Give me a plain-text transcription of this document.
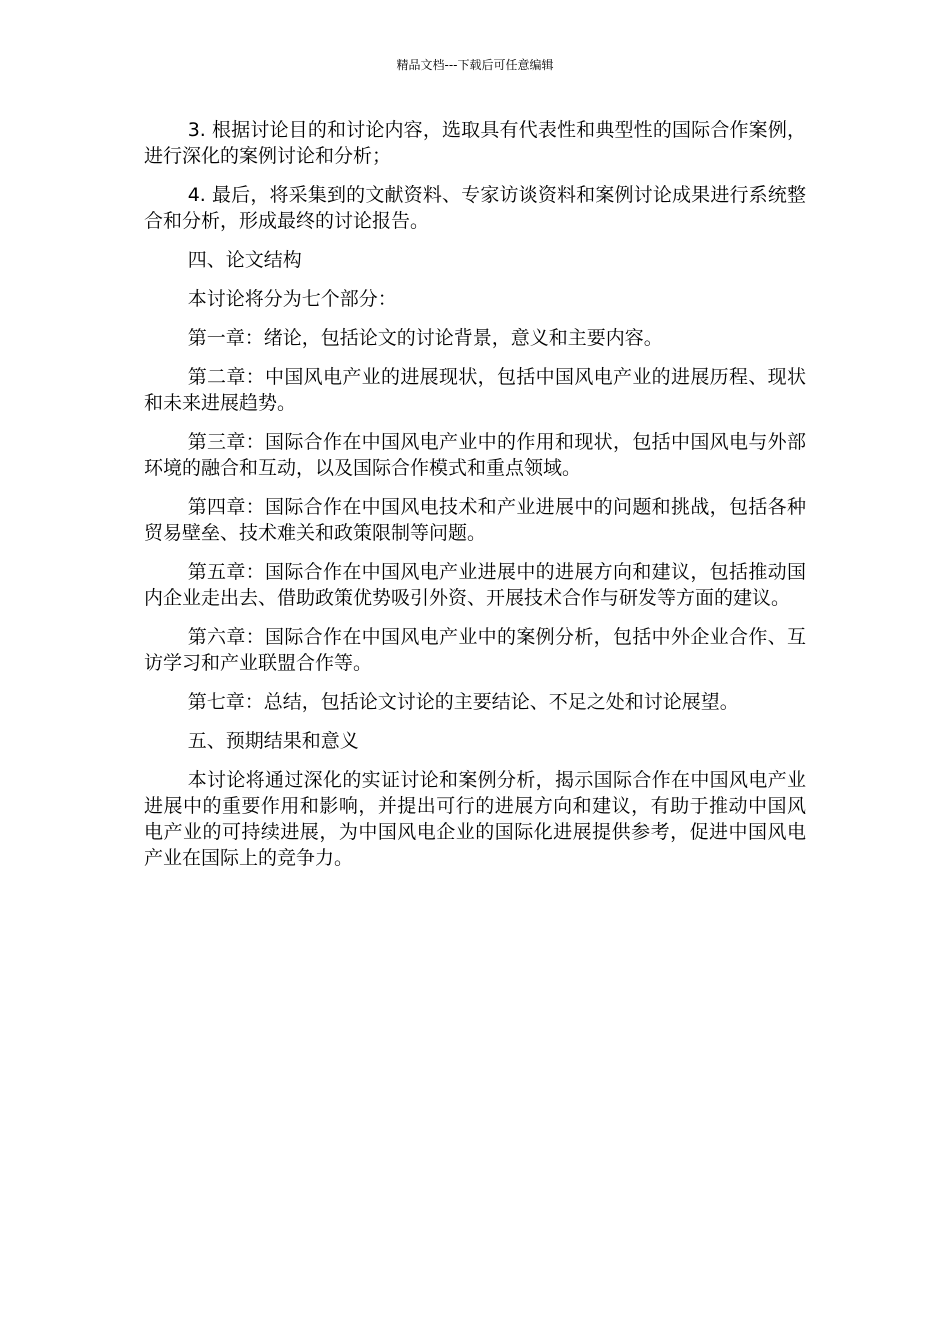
精品文档---下载后可任意编辑

3. 根据讨论目的和讨论内容，选取具有代表性和典型性的国际合作案例，进行深化的案例讨论和分析；

4. 最后，将采集到的文献资料、专家访谈资料和案例讨论成果进行系统整合和分析，形成最终的讨论报告。

四、论文结构

本讨论将分为七个部分：

第一章：绪论，包括论文的讨论背景，意义和主要内容。

第二章：中国风电产业的进展现状，包括中国风电产业的进展历程、现状和未来进展趋势。

第三章：国际合作在中国风电产业中的作用和现状，包括中国风电与外部环境的融合和互动，以及国际合作模式和重点领域。

第四章：国际合作在中国风电技术和产业进展中的问题和挑战，包括各种贸易壁垒、技术难关和政策限制等问题。

第五章：国际合作在中国风电产业进展中的进展方向和建议，包括推动国内企业走出去、借助政策优势吸引外资、开展技术合作与研发等方面的建议。

第六章：国际合作在中国风电产业中的案例分析，包括中外企业合作、互访学习和产业联盟合作等。

第七章：总结，包括论文讨论的主要结论、不足之处和讨论展望。

五、预期结果和意义

本讨论将通过深化的实证讨论和案例分析，揭示国际合作在中国风电产业进展中的重要作用和影响，并提出可行的进展方向和建议，有助于推动中国风电产业的可持续进展，为中国风电企业的国际化进展提供参考，促进中国风电产业在国际上的竞争力。
